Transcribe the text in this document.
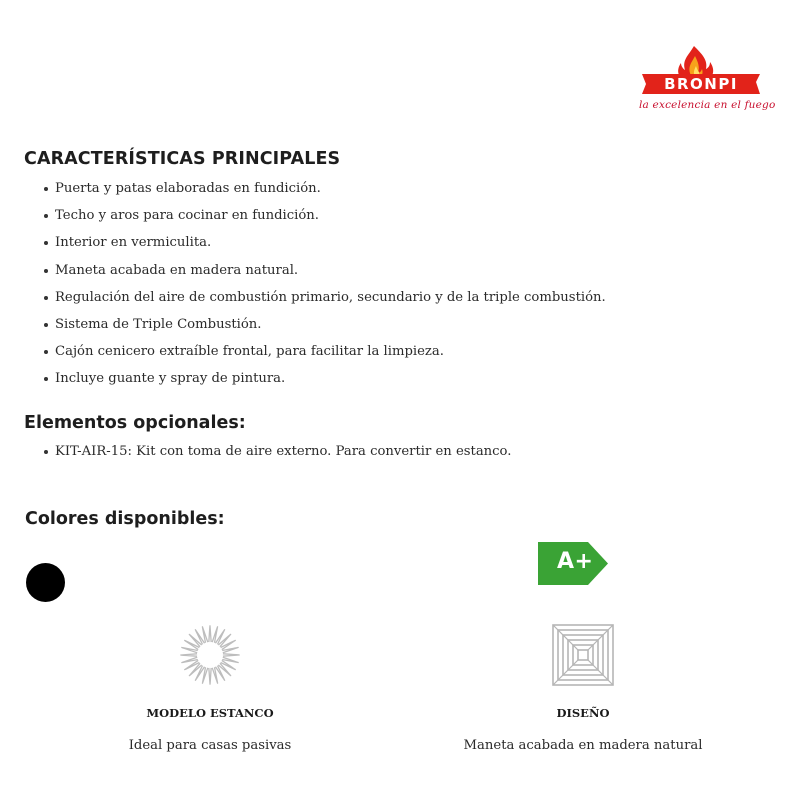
BRONPI
la excelencia en el fuego
CARACTERÍSTICAS PRINCIPALES
Puerta y patas elaboradas en fundición.
Techo y aros para cocinar en fundición.
Interior en vermiculita.
Maneta acabada en madera natural.
Regulación del aire de combustión primario, secundario y de la triple combustión.
Sistema de Triple Combustión.
Cajón cenicero extraíble frontal, para facilitar la limpieza.
Incluye guante y spray de pintura.
Elementos opcionales:
KIT-AIR-15: Kit con toma de aire externo. Para convertir en estanco.
Colores disponibles:
A+
MODELO ESTANCO
Ideal para casas pasivas
DISEÑO
Maneta acabada en madera natural
